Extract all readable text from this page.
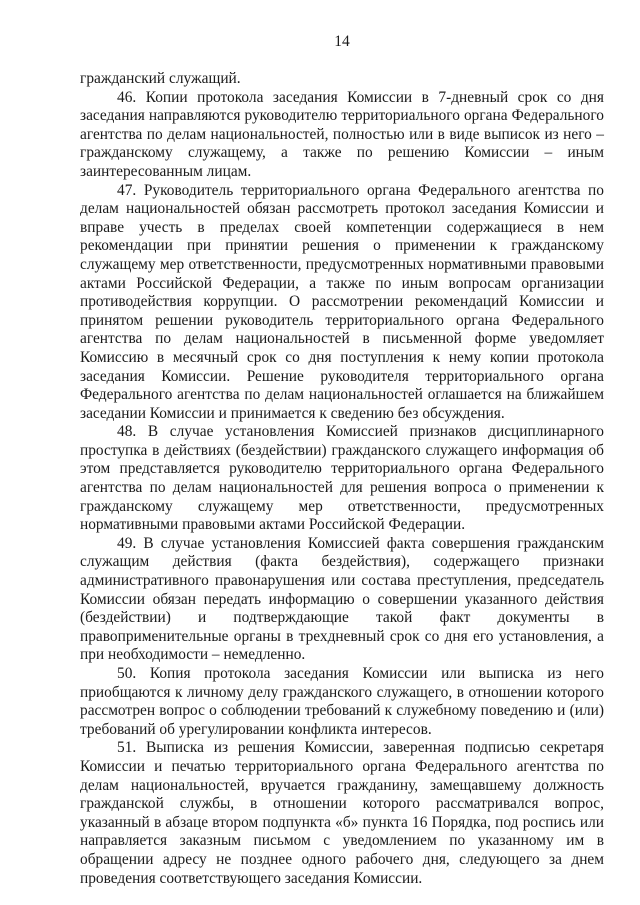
14

гражданский служащий.

46. Копии протокола заседания Комиссии в 7-дневный срок со дня заседания направляются руководителю территориального органа Федерального агентства по делам национальностей, полностью или в виде выписок из него – гражданскому служащему, а также по решению Комиссии – иным заинтересованным лицам.

47. Руководитель территориального органа Федерального агентства по делам национальностей обязан рассмотреть протокол заседания Комиссии и вправе учесть в пределах своей компетенции содержащиеся в нем рекомендации при принятии решения о применении к гражданскому служащему мер ответственности, предусмотренных нормативными правовыми актами Российской Федерации, а также по иным вопросам организации противодействия коррупции. О рассмотрении рекомендаций Комиссии и принятом решении руководитель территориального органа Федерального агентства по делам национальностей в письменной форме уведомляет Комиссию в месячный срок со дня поступления к нему копии протокола заседания Комиссии. Решение руководителя территориального органа Федерального агентства по делам национальностей оглашается на ближайшем заседании Комиссии и принимается к сведению без обсуждения.

48. В случае установления Комиссией признаков дисциплинарного проступка в действиях (бездействии) гражданского служащего информация об этом представляется руководителю территориального органа Федерального агентства по делам национальностей для решения вопроса о применении к гражданскому служащему мер ответственности, предусмотренных нормативными правовыми актами Российской Федерации.

49. В случае установления Комиссией факта совершения гражданским служащим действия (факта бездействия), содержащего признаки административного правонарушения или состава преступления, председатель Комиссии обязан передать информацию о совершении указанного действия (бездействии) и подтверждающие такой факт документы в правоприменительные органы в трехдневный срок со дня его установления, а при необходимости – немедленно.

50. Копия протокола заседания Комиссии или выписка из него приобщаются к личному делу гражданского служащего, в отношении которого рассмотрен вопрос о соблюдении требований к служебному поведению и (или) требований об урегулировании конфликта интересов.

51. Выписка из решения Комиссии, заверенная подписью секретаря Комиссии и печатью территориального органа Федерального агентства по делам национальностей, вручается гражданину, замещавшему должность гражданской службы, в отношении которого рассматривался вопрос, указанный в абзаце втором подпункта «б» пункта 16 Порядка, под роспись или направляется заказным письмом с уведомлением по указанному им в обращении адресу не позднее одного рабочего дня, следующего за днем проведения соответствующего заседания Комиссии.
